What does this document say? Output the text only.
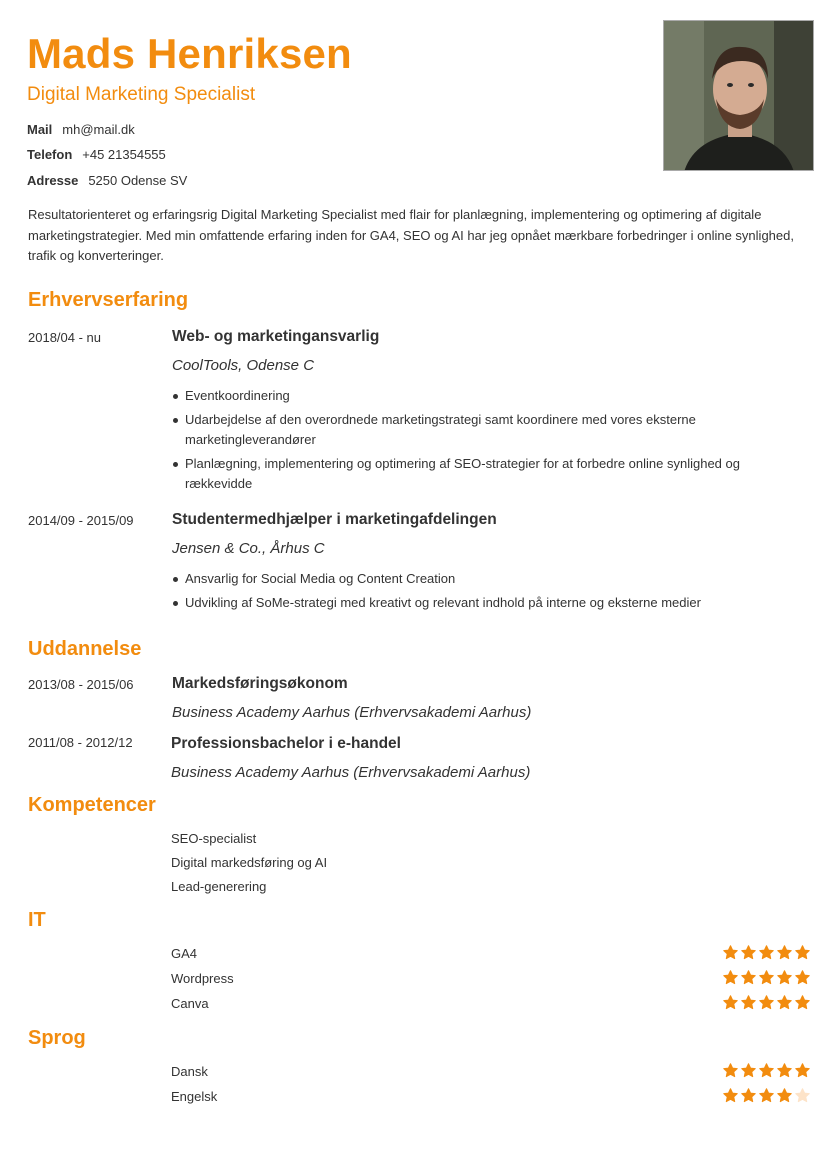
Mads Henriksen
Digital Marketing Specialist
Mail mh@mail.dk
Telefon +45 21354555
Adresse 5250 Odense SV
Resultatorienteret og erfaringsrig Digital Marketing Specialist med flair for planlægning, implementering og optimering af digitale marketingstrategier. Med min omfattende erfaring inden for GA4, SEO og AI har jeg opnået mærkbare forbedringer i online synlighed, trafik og konverteringer.
Erhvervserfaring
2018/04 - nu	Web- og marketingansvarlig
CoolTools, Odense C
Eventkoordinering
Udarbejdelse af den overordnede marketingstrategi samt koordinere med vores eksterne marketingleverandører
Planlægning, implementering og optimering af SEO-strategier for at forbedre online synlighed og rækkevidde
2014/09 - 2015/09 Studentermedhjælper i marketingafdelingen
Jensen & Co., Århus C
Ansvarlig for Social Media og Content Creation
Udvikling af SoMe-strategi med kreativt og relevant indhold på interne og eksterne medier
Uddannelse
2013/08 - 2015/06 Markedsføringsøkonom
Business Academy Aarhus (Erhvervsakademi Aarhus)
2011/08 - 2012/12 Professionsbachelor i e-handel
Business Academy Aarhus (Erhvervsakademi Aarhus)
Kompetencer
SEO-specialist
Digital markedsføring og AI
Lead-generering
IT
GA4
Wordpress
Canva
Sprog
Dansk
Engelsk
